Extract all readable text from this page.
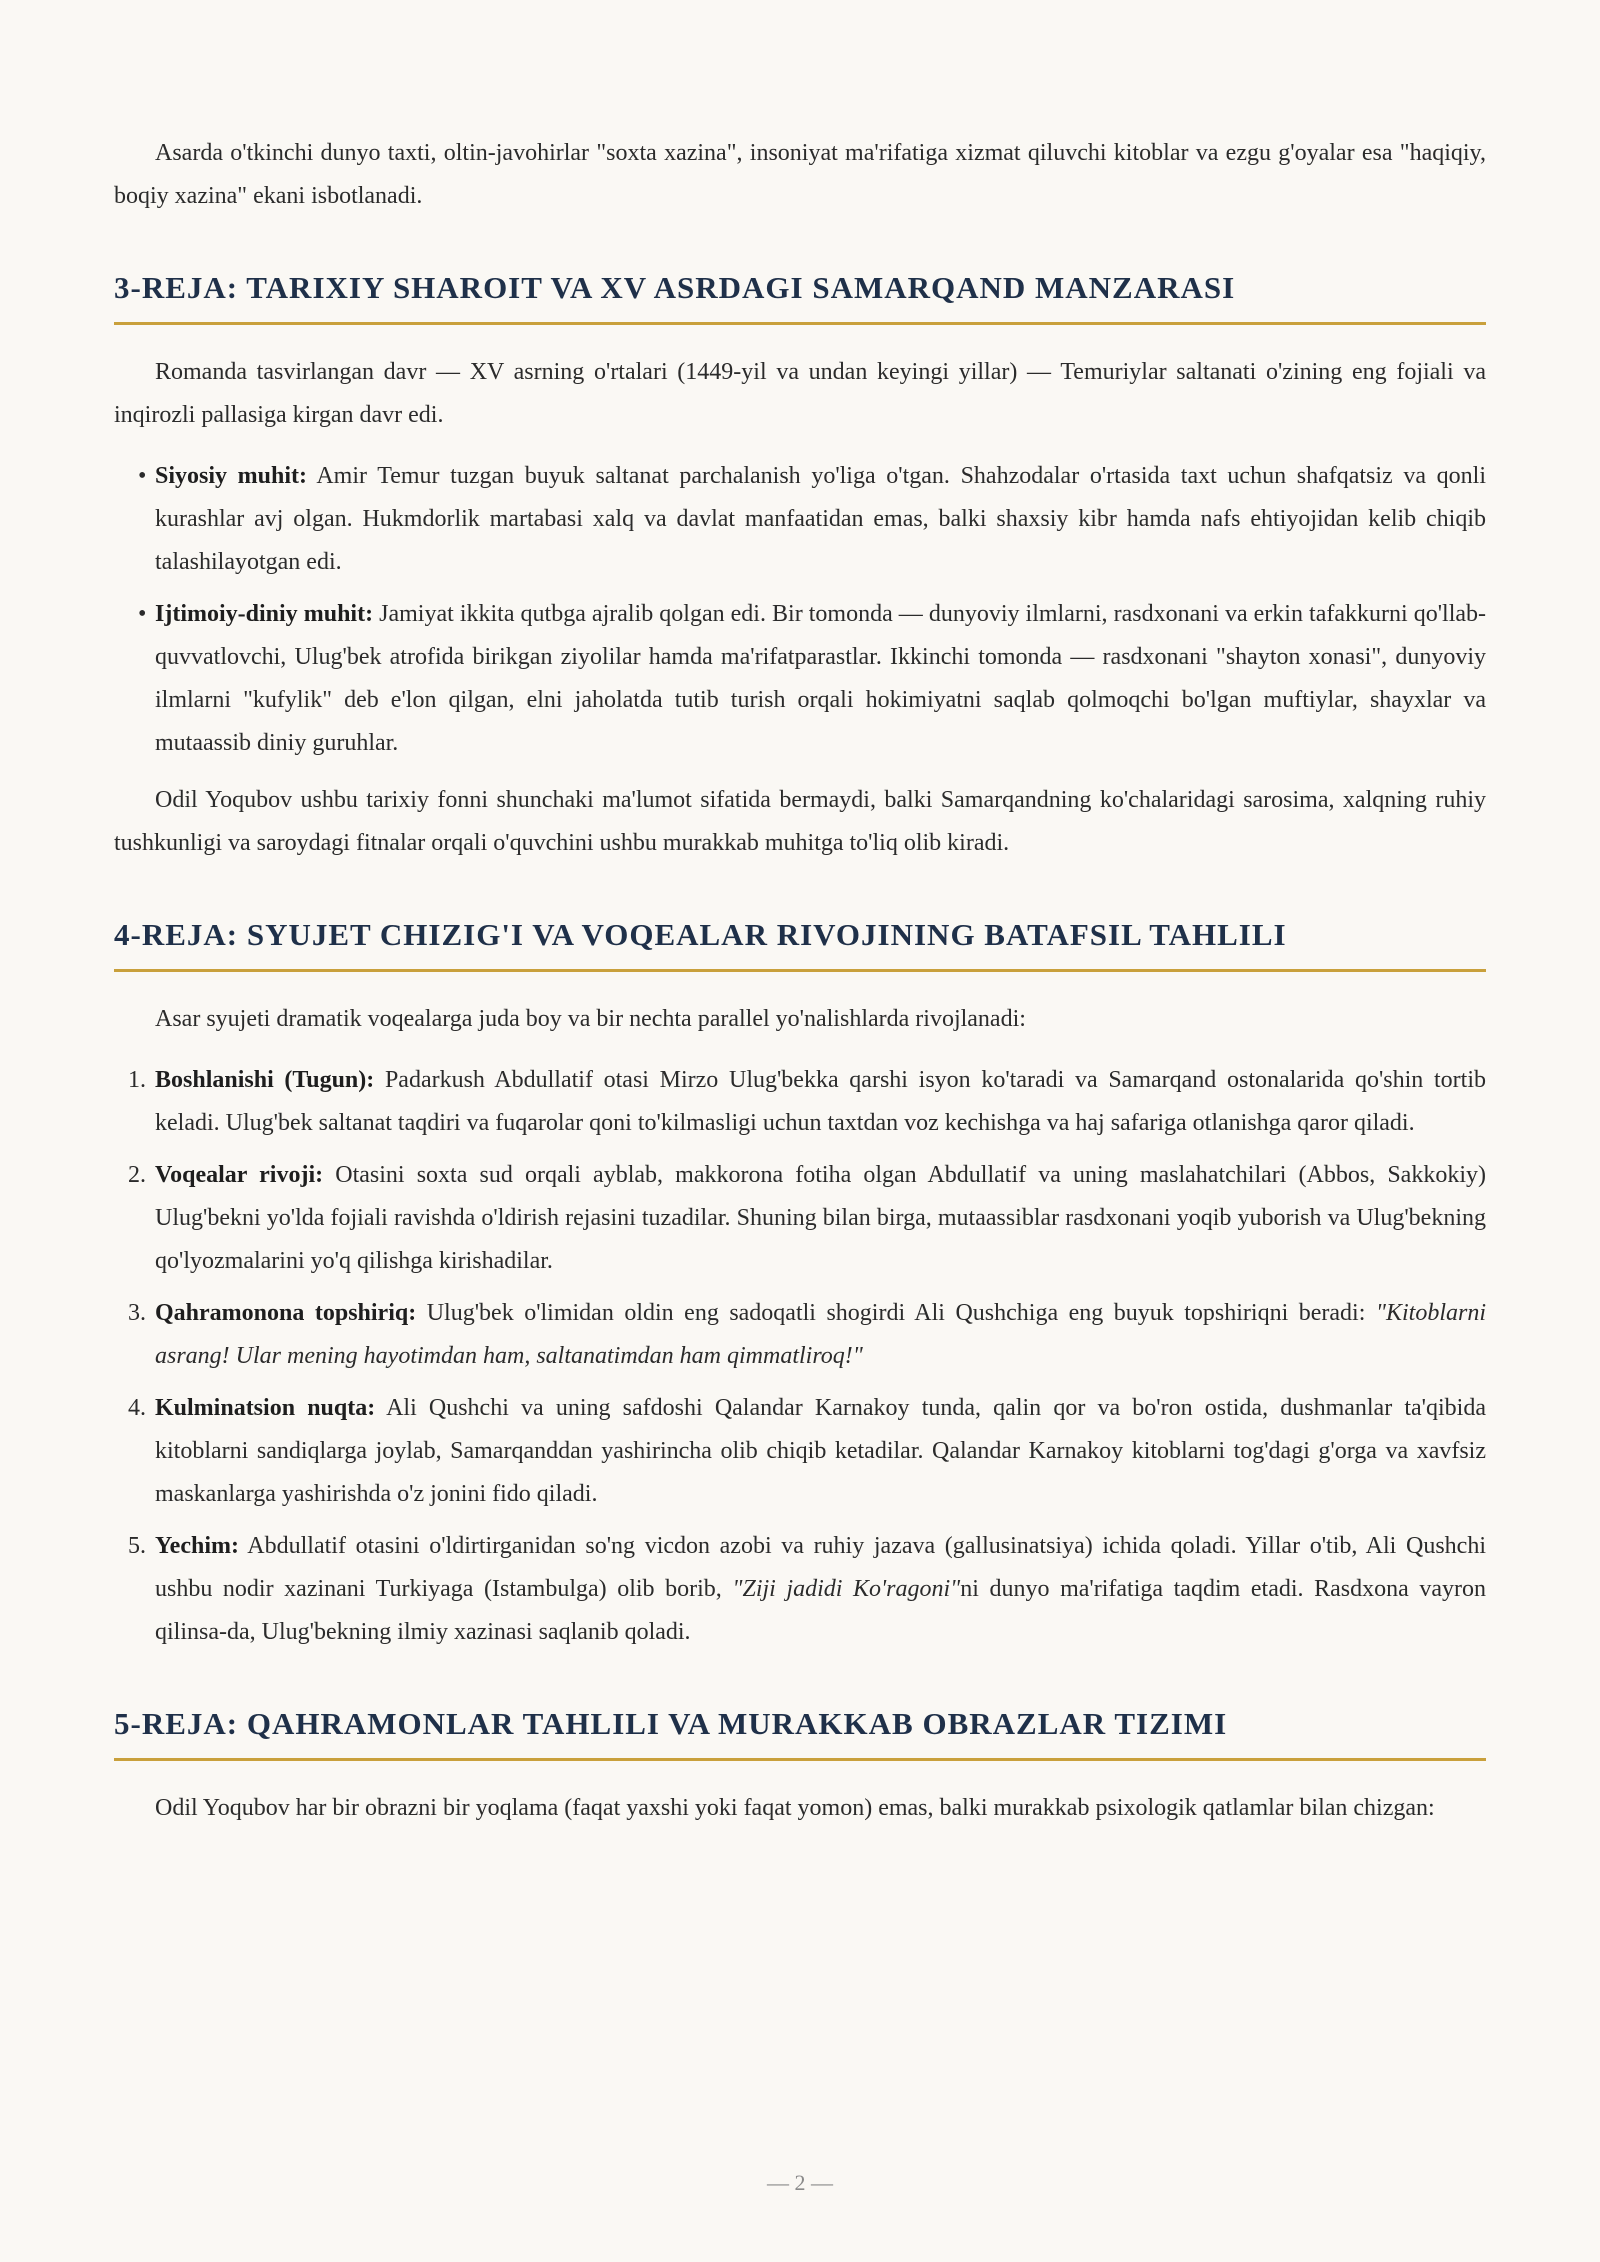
Asarda o'tkinchi dunyo taxti, oltin-javohirlar "soxta xazina", insoniyat ma'rifatiga xizmat qiluvchi kitoblar va ezgu g'oyalar esa "haqiqiy, boqiy xazina" ekani isbotlanadi.

3-REJA: TARIXIY SHAROIT VA XV ASRDAGI SAMARQAND MANZARASI

Romanda tasvirlangan davr — XV asrning o'rtalari (1449-yil va undan keyingi yillar) — Temuriylar saltanati o'zining eng fojiali va inqirozli pallasiga kirgan davr edi.

• Siyosiy muhit: Amir Temur tuzgan buyuk saltanat parchalanish yo'liga o'tgan. Shahzodalar o'rtasida taxt uchun shafqatsiz va qonli kurashlar avj olgan. Hukmdorlik martabasi xalq va davlat manfaatidan emas, balki shaxsiy kibr hamda nafs ehtiyojidan kelib chiqib talashilayotgan edi.
• Ijtimoiy-diniy muhit: Jamiyat ikkita qutbga ajralib qolgan edi. Bir tomonda — dunyoviy ilmlarni, rasdxonani va erkin tafakkurni qo'llab-quvvatlovchi, Ulug'bek atrofida birikgan ziyolilar hamda ma'rifatparastlar. Ikkinchi tomonda — rasdxonani "shayton xonasi", dunyoviy ilmlarni "kufylik" deb e'lon qilgan, elni jaholatda tutib turish orqali hokimiyatni saqlab qolmoqchi bo'lgan muftiylar, shayxlar va mutaassib diniy guruhlar.

Odil Yoqubov ushbu tarixiy fonni shunchaki ma'lumot sifatida bermaydi, balki Samarqandning ko'chalaridagi sarosima, xalqning ruhiy tushkunligi va saroydagi fitnalar orqali o'quvchini ushbu murakkab muhitga to'liq olib kiradi.

4-REJA: SYUJET CHIZIG'I VA VOQEALAR RIVOJINING BATAFSIL TAHLILI

Asar syujeti dramatik voqealarga juda boy va bir nechta parallel yo'nalishlarda rivojlanadi:

1. Boshlanishi (Tugun): Padarkush Abdullatif otasi Mirzo Ulug'bekka qarshi isyon ko'taradi va Samarqand ostonalarida qo'shin tortib keladi. Ulug'bek saltanat taqdiri va fuqarolar qoni to'kilmasligi uchun taxtdan voz kechishga va haj safariga otlanishga qaror qiladi.
2. Voqealar rivoji: Otasini soxta sud orqali ayblab, makkorona fotiha olgan Abdullatif va uning maslahatchilari (Abbos, Sakkokiy) Ulug'bekni yo'lda fojiali ravishda o'ldirish rejasini tuzadilar. Shuning bilan birga, mutaassiblar rasdxonani yoqib yuborish va Ulug'bekning qo'lyozmalarini yo'q qilishga kirishadilar.
3. Qahramonona topshiriq: Ulug'bek o'limidan oldin eng sadoqatli shogirdi Ali Qushchiga eng buyuk topshiriqni beradi: "Kitoblarni asrang! Ular mening hayotimdan ham, saltanatimdan ham qimmatliroq!"
4. Kulminatsion nuqta: Ali Qushchi va uning safdoshi Qalandar Karnakoy tunda, qalin qor va bo'ron ostida, dushmanlar ta'qibida kitoblarni sandiqlarga joylab, Samarqanddan yashirincha olib chiqib ketadilar. Qalandar Karnakoy kitoblarni tog'dagi g'orga va xavfsiz maskanlarga yashirishda o'z jonini fido qiladi.
5. Yechim: Abdullatif otasini o'ldirtirganidan so'ng vicdon azobi va ruhiy jazava (gallusinatsiya) ichida qoladi. Yillar o'tib, Ali Qushchi ushbu nodir xazinani Turkiyaga (Istambulga) olib borib, "Ziji jadidi Ko'ragoni"ni dunyo ma'rifatiga taqdim etadi. Rasdxona vayron qilinsa-da, Ulug'bekning ilmiy xazinasi saqlanib qoladi.
5-REJA: QAHRAMONLAR TAHLILI VA MURAKKAB OBRAZLAR TIZIMI

Odil Yoqubov har bir obrazni bir yoqlama (faqat yaxshi yoki faqat yomon) emas, balki murakkab psixologik qatlamlar bilan chizgan:

— 2 —
